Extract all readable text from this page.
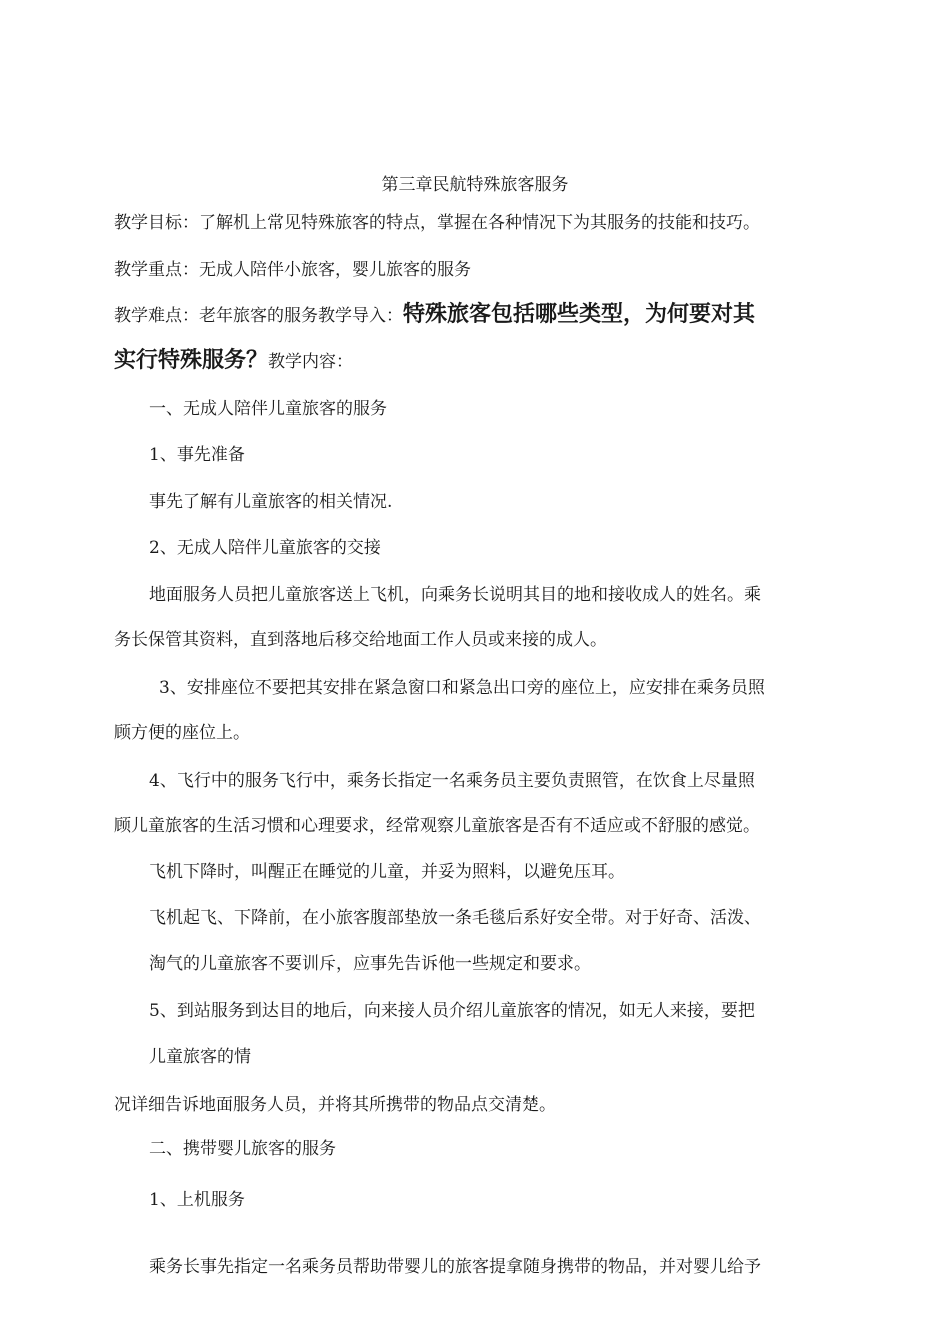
第三章民航特殊旅客服务
教学目标：了解机上常见特殊旅客的特点，掌握在各种情况下为其服务的技能和技巧。
教学重点：无成人陪伴小旅客，婴儿旅客的服务
教学难点：老年旅客的服务教学导入：特殊旅客包括哪些类型，为何要对其
实行特殊服务？教学内容：
一、无成人陪伴儿童旅客的服务
1、事先准备
事先了解有儿童旅客的相关情况.
2、无成人陪伴儿童旅客的交接
地面服务人员把儿童旅客送上飞机，向乘务长说明其目的地和接收成人的姓名。乘
务长保管其资料，直到落地后移交给地面工作人员或来接的成人。
3、安排座位不要把其安排在紧急窗口和紧急出口旁的座位上，应安排在乘务员照
顾方便的座位上。
4、飞行中的服务飞行中，乘务长指定一名乘务员主要负责照管，在饮食上尽量照
顾儿童旅客的生活习惯和心理要求，经常观察儿童旅客是否有不适应或不舒服的感觉。
飞机下降时，叫醒正在睡觉的儿童，并妥为照料，以避免压耳。
飞机起飞、下降前，在小旅客腹部垫放一条毛毯后系好安全带。对于好奇、活泼、
淘气的儿童旅客不要训斥，应事先告诉他一些规定和要求。
5、到站服务到达目的地后，向来接人员介绍儿童旅客的情况，如无人来接，要把
儿童旅客的情
况详细告诉地面服务人员，并将其所携带的物品点交清楚。
二、携带婴儿旅客的服务
1、上机服务
乘务长事先指定一名乘务员帮助带婴儿的旅客提拿随身携带的物品，并对婴儿给予
